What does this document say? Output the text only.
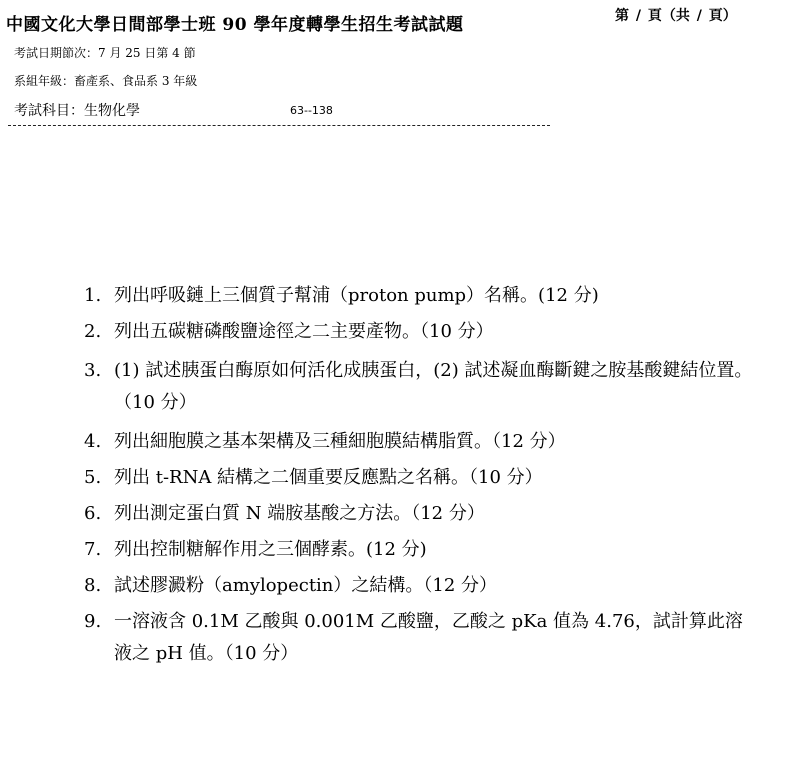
中國文化大學日間部學士班 90 學年度轉學生招生考試試題	第 / 頁（共 / 頁）
考試日期節次：7 月 25 日第 4 節
系組年級：畜產系、食品系 3 年級
考試科目：生物化學	63--138
1. 列出呼吸鏈上三個質子幫浦（proton pump）名稱。(12 分)
2. 列出五碳糖磷酸鹽途徑之二主要產物。（10 分）
3. (1) 試述胰蛋白酶原如何活化成胰蛋白，(2) 試述凝血酶斷鍵之胺基酸鍵結位置。（10 分）
4. 列出細胞膜之基本架構及三種細胞膜結構脂質。（12 分）
5. 列出 t-RNA 結構之二個重要反應點之名稱。（10 分）
6. 列出測定蛋白質 N 端胺基酸之方法。（12 分）
7. 列出控制糖解作用之三個酵素。(12 分)
8. 試述膠澱粉（amylopectin）之結構。（12 分）
9. 一溶液含 0.1M 乙酸與 0.001M 乙酸鹽，乙酸之 pKa 值為 4.76，試計算此溶液之 pH 值。（10 分）
